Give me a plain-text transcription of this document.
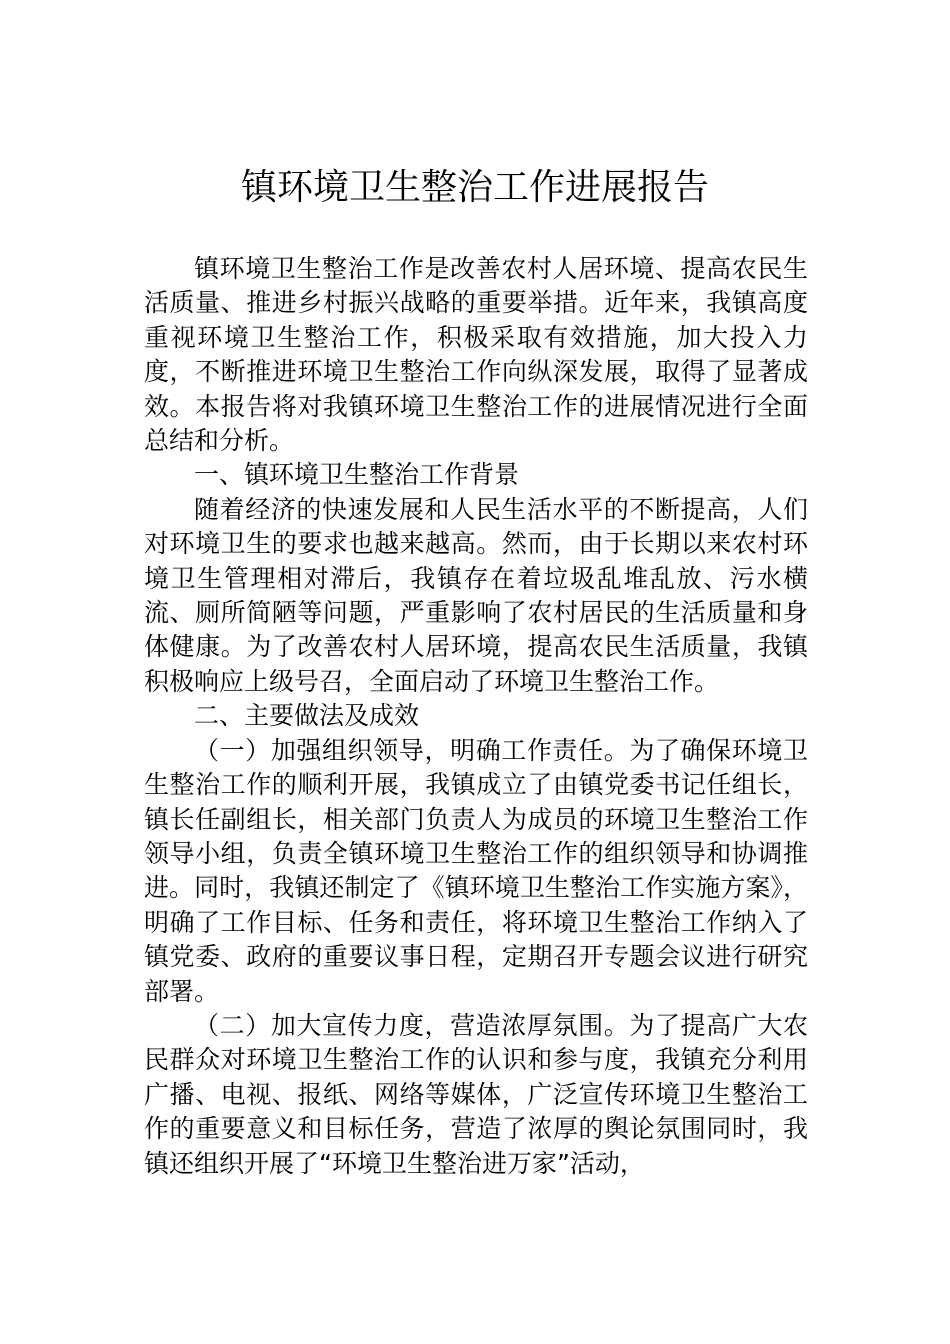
镇环境卫生整治工作进展报告

镇环境卫生整治工作是改善农村人居环境、提高农民生活质量、推进乡村振兴战略的重要举措。近年来，我镇高度重视环境卫生整治工作，积极采取有效措施，加大投入力度，不断推进环境卫生整治工作向纵深发展，取得了显著成效。本报告将对我镇环境卫生整治工作的进展情况进行全面总结和分析。

一、镇环境卫生整治工作背景

随着经济的快速发展和人民生活水平的不断提高，人们对环境卫生的要求也越来越高。然而，由于长期以来农村环境卫生管理相对滞后，我镇存在着垃圾乱堆乱放、污水横流、厕所简陋等问题，严重影响了农村居民的生活质量和身体健康。为了改善农村人居环境，提高农民生活质量，我镇积极响应上级号召，全面启动了环境卫生整治工作。

二、主要做法及成效

（一）加强组织领导，明确工作责任。为了确保环境卫生整治工作的顺利开展，我镇成立了由镇党委书记任组长，镇长任副组长，相关部门负责人为成员的环境卫生整治工作领导小组，负责全镇环境卫生整治工作的组织领导和协调推进。同时，我镇还制定了《镇环境卫生整治工作实施方案》，明确了工作目标、任务和责任，将环境卫生整治工作纳入了镇党委、政府的重要议事日程，定期召开专题会议进行研究部署。

（二）加大宣传力度，营造浓厚氛围。为了提高广大农民群众对环境卫生整治工作的认识和参与度，我镇充分利用广播、电视、报纸、网络等媒体，广泛宣传环境卫生整治工作的重要意义和目标任务，营造了浓厚的舆论氛围同时，我镇还组织开展了“环境卫生整治进万家”活动，
